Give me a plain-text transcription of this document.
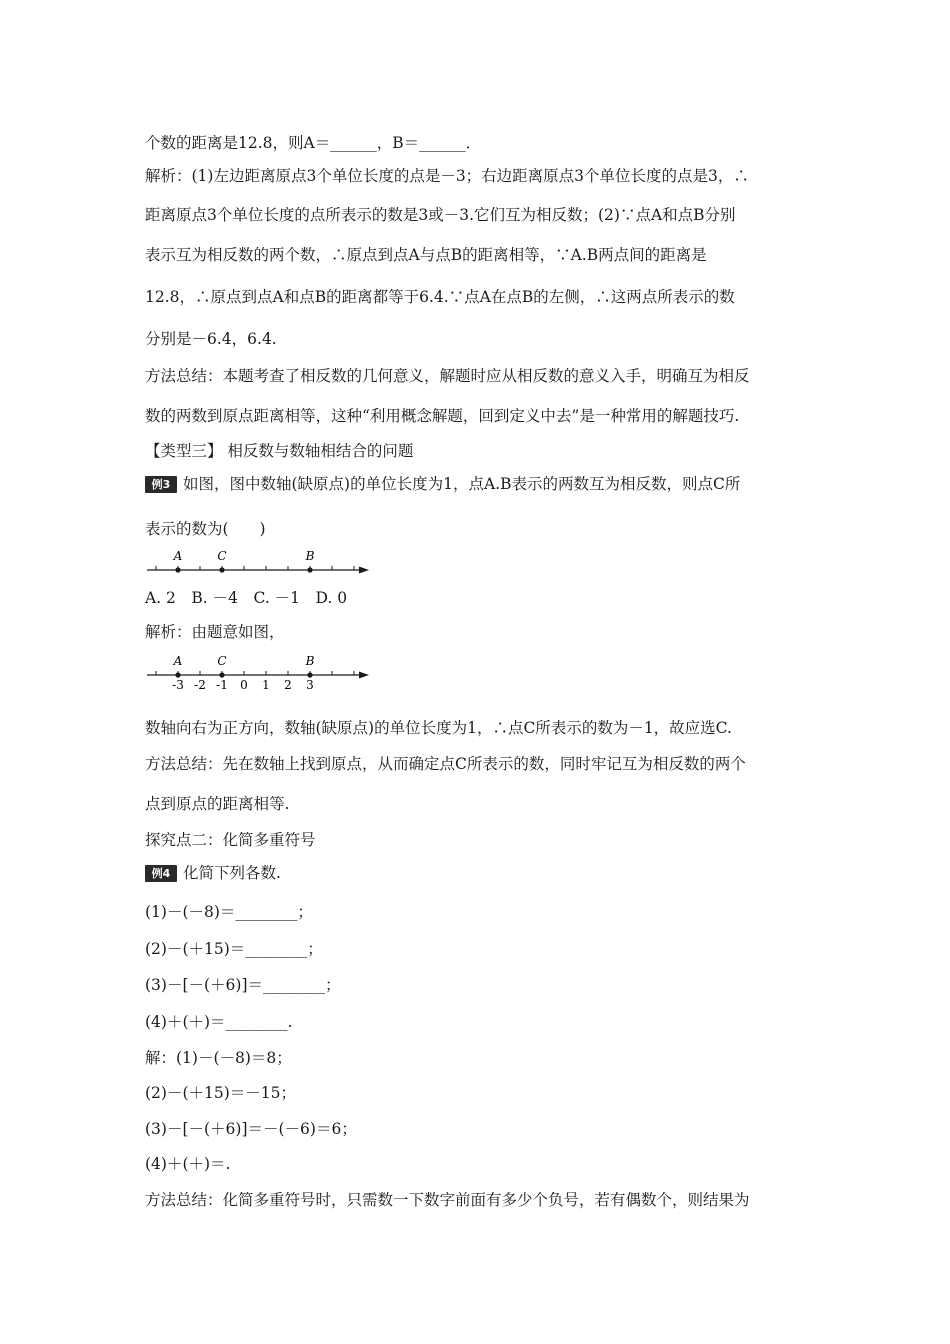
个数的距离是12.8，则A＝______，B＝______．
解析：(1)左边距离原点3个单位长度的点是－3；右边距离原点3个单位长度的点是3，∴
距离原点3个单位长度的点所表示的数是3或－3.它们互为相反数；(2)∵点A和点B分别
表示互为相反数的两个数，∴原点到点A与点B的距离相等，∵A.B两点间的距离是
12.8，∴原点到点A和点B的距离都等于6.4.∵点A在点B的左侧，∴这两点所表示的数
分别是－6.4，6.4.
方法总结：本题考查了相反数的几何意义，解题时应从相反数的意义入手，明确互为相反
数的两数到原点距离相等，这种“利用概念解题，回到定义中去”是一种常用的解题技巧.
【类型三】 相反数与数轴相结合的问题
例3 如图，图中数轴(缺原点)的单位长度为1，点A.B表示的两数互为相反数，则点C所
表示的数为(　　)
A	C	B
A. 2　B. －4　C. －1　D. 0
解析：由题意如图，
A	C	B
-3 -2 -1 0 1 2 3
数轴向右为正方向，数轴(缺原点)的单位长度为1，∴点C所表示的数为－1，故应选C.
方法总结：先在数轴上找到原点，从而确定点C所表示的数，同时牢记互为相反数的两个
点到原点的距离相等.
探究点二：化简多重符号
例4 化简下列各数.
(1)－(－8)＝________；
(2)－(＋15)＝________；
(3)－[－(＋6)]＝________；
(4)＋(＋)＝________.
解：(1)－(－8)＝8；
(2)－(＋15)＝－15；
(3)－[－(＋6)]＝－(－6)＝6；
(4)＋(＋)＝.
方法总结：化简多重符号时，只需数一下数字前面有多少个负号，若有偶数个，则结果为
